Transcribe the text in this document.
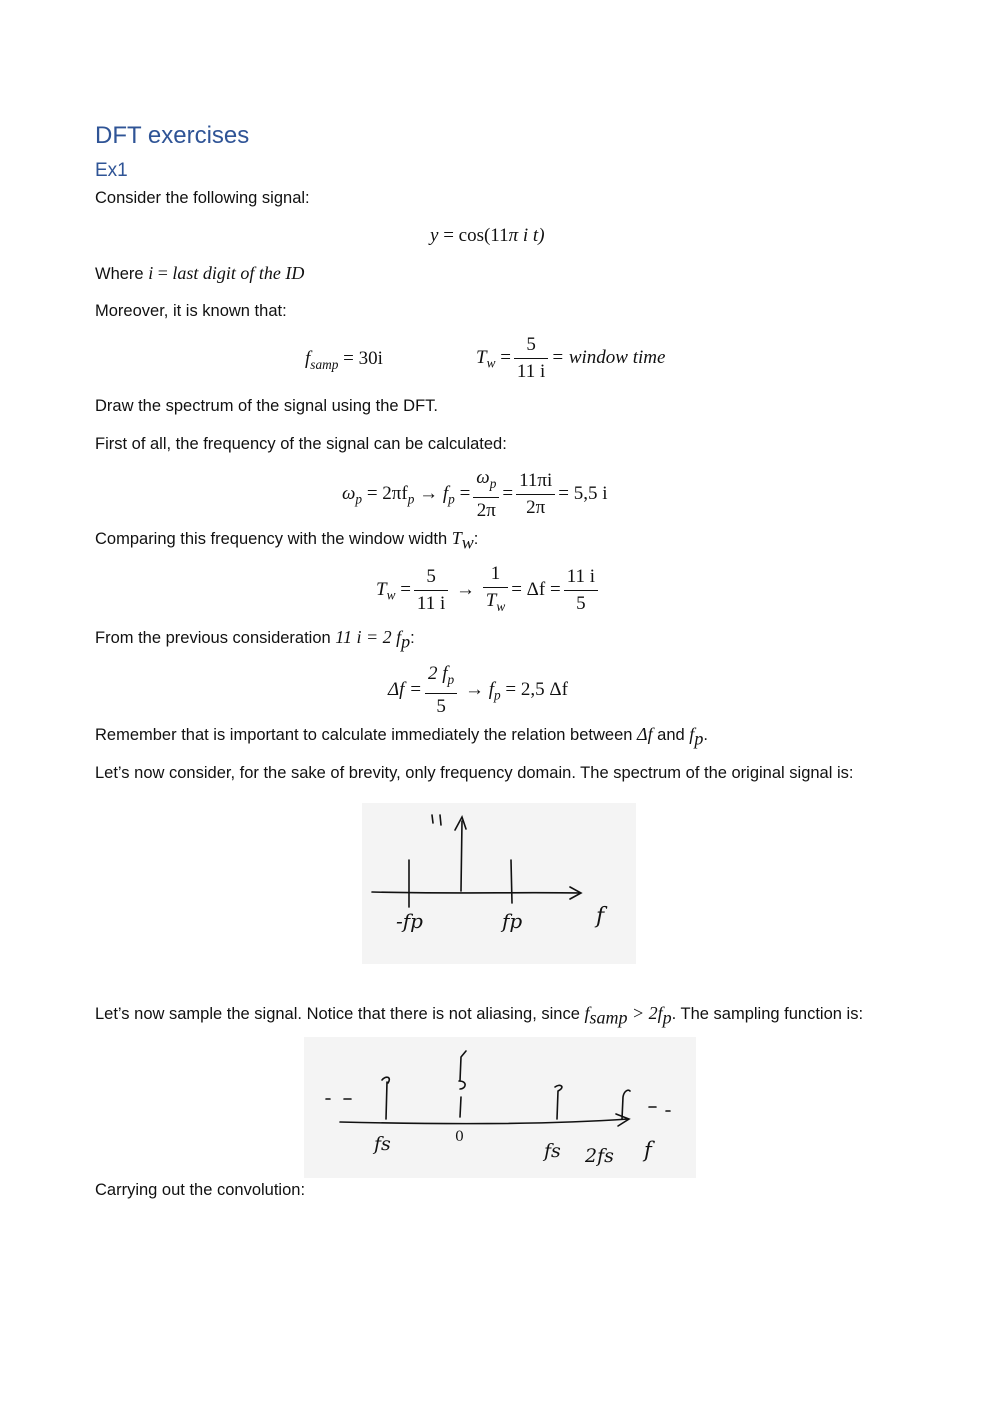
DFT exercises
Ex1
Consider the following signal:
y = cos(11π i t)
Where i = last digit of the ID
Moreover, it is known that:
$f_{samp} = 30i$	$T_w = \frac{5}{11 i}$ = window time
Draw the spectrum of the signal using the DFT.
First of all, the frequency of the signal can be calculated:
$\omega_p = 2\pi f_p \to f_p = \frac{\omega_p}{2\pi} = \frac{11\pi i}{2\pi} = 5,5$ i
Comparing this frequency with the window width $T_w$:
$T_w = \frac{5}{11 i} \to \frac{1}{T_w} = \Delta f = \frac{11 i}{5}$
From the previous consideration 11 i = 2 $f_p$:
$\Delta f = \frac{2 f_p}{5} \to f_p = 2,5$ Δf
Remember that is important to calculate immediately the relation between Δf and $f_p$.
Let’s now consider, for the sake of brevity, only frequency domain. The spectrum of the original signal is:
-fp	fp	f
Let’s now sample the signal. Notice that there is not aliasing, since $f_{samp} > 2f_p$. The sampling function is:
fs	0
fs 2fs f
Carrying out the convolution:
